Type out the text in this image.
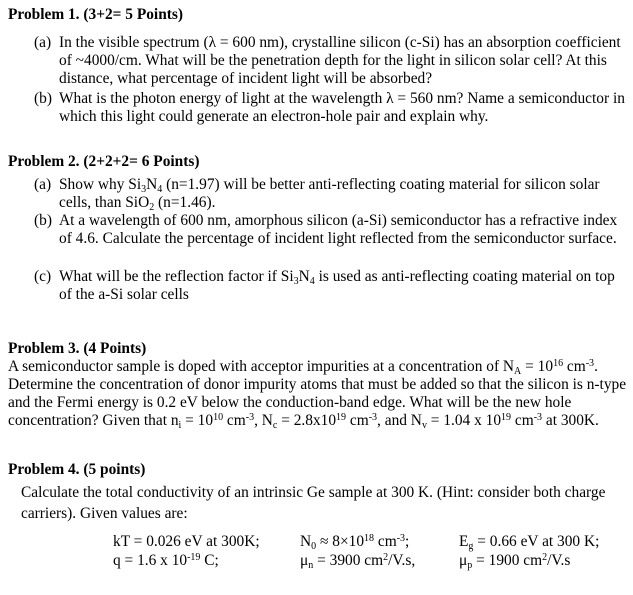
Problem 1. (3+2= 5 Points)
(a) In the visible spectrum (λ = 600 nm), crystalline silicon (c-Si) has an absorption coefficient of ~4000/cm. What will be the penetration depth for the light in silicon solar cell? At this distance, what percentage of incident light will be absorbed?
(b) What is the photon energy of light at the wavelength λ = 560 nm? Name a semiconductor in which this light could generate an electron-hole pair and explain why.
Problem 2. (2+2+2= 6 Points)
(a) Show why $Si_3N_4$ (n=1.97) will be better anti-reflecting coating material for silicon solar cells, than SiO$_2$ (n=1.46).
(b) At a wavelength of 600 nm, amorphous silicon (a-Si) semiconductor has a refractive index of 4.6. Calculate the percentage of incident light reflected from the semiconductor surface.
(c) What will be the reflection factor if $Si_3N_4$ is used as anti-reflecting coating material on top of the a-Si solar cells
Problem 3. (4 Points)
A semiconductor sample is doped with acceptor impurities at a concentration of $N_A = 10^{16}$ $cm^{-3}$. Determine the concentration of donor impurity atoms that must be added so that the silicon is n-type and the Fermi energy is 0.2 eV below the conduction-band edge. What will be the new hole concentration? Given that $n_i = 10^{10}$ $cm^{-3}$, $N_c = 2.8x10^{19}$ $cm^{-3}$, and $N_v = 1.04$ x $10^{19}$ $cm^{-3}$ at 300K.
Problem 4. (5 points)
Calculate the total conductivity of an intrinsic Ge sample at 300 K. (Hint: consider both charge carriers). Given values are:
kT = 0.026 eV at 300K;
q = 1.6 x $10^{-19}$ C;
$N_0 \approx 8\times 10^{18}$ $cm^{-3}$;
$\mu_n = 3900$ $cm^2/V.s$,
$E_g = 0.66$ eV at 300 K;
$\mu_p = 1900$ $cm^2/V.s$
